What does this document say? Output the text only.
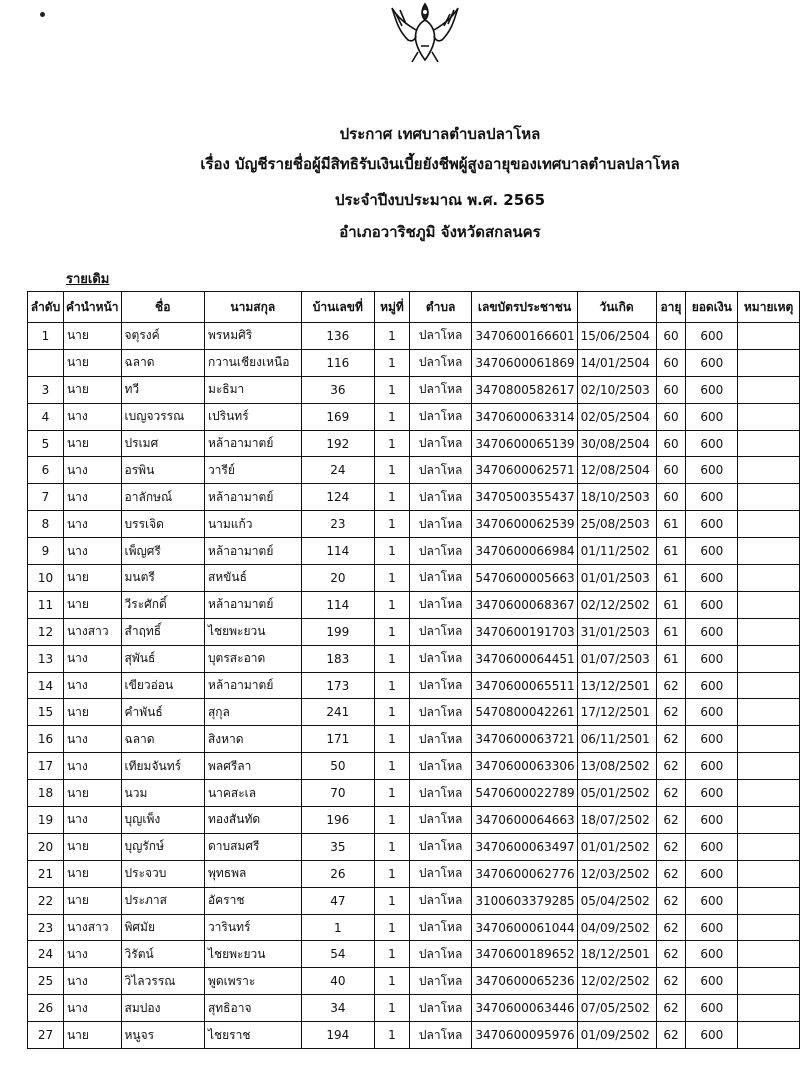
ประกาศ เทศบาลตำบลปลาโหล
เรื่อง บัญชีรายชื่อผู้มีสิทธิรับเงินเบี้ยยังชีพผู้สูงอายุของเทศบาลตำบลปลาโหล
ประจำปีงบประมาณ พ.ศ. 2565
อำเภอวาริชภูมิ จังหวัดสกลนคร
รายเดิม
ลำดับ	คำนำหน้า	ชื่อ	นามสกุล	บ้านเลขที่	หมู่ที่	ตำบล	เลขบัตรประชาชน	วันเกิด	อายุ	ยอดเงิน	หมายเหตุ
1	นาย	จตุรงค์	พรหมศิริ	136	1	ปลาโหล	3470600166601	15/06/2504	60	600	
	นาย	ฉลาด	กวานเชียงเหนือ	116	1	ปลาโหล	3470600061869	14/01/2504	60	600	
3	นาย	ทวี	มะธิมา	36	1	ปลาโหล	3470800582617	02/10/2503	60	600	
4	นาง	เบญจวรรณ	เปรินทร์	169	1	ปลาโหล	3470600063314	02/05/2504	60	600	
5	นาย	ปรเมศ	หล้าอามาตย์	192	1	ปลาโหล	3470600065139	30/08/2504	60	600	
6	นาง	อรพิน	วารีย์	24	1	ปลาโหล	3470600062571	12/08/2504	60	600	
7	นาง	อาลักษณ์	หล้าอามาตย์	124	1	ปลาโหล	3470500355437	18/10/2503	60	600	
8	นาง	บรรเจิด	นามแก้ว	23	1	ปลาโหล	3470600062539	25/08/2503	61	600	
9	นาง	เพ็ญศรี	หล้าอามาตย์	114	1	ปลาโหล	3470600066984	01/11/2502	61	600	
10	นาย	มนตรี	สหขันธ์	20	1	ปลาโหล	5470600005663	01/01/2503	61	600	
11	นาย	วีระศักดิ์	หล้าอามาตย์	114	1	ปลาโหล	3470600068367	02/12/2502	61	600	
12	นางสาว	สำฤทธิ์	ไชยพะยวน	199	1	ปลาโหล	3470600191703	31/01/2503	61	600	
13	นาง	สุพันธ์	บุตรสะอาด	183	1	ปลาโหล	3470600064451	01/07/2503	61	600	
14	นาง	เขียวอ่อน	หล้าอามาตย์	173	1	ปลาโหล	3470600065511	13/12/2501	62	600	
15	นาย	คำพันธ์	สุกุล	241	1	ปลาโหล	5470800042261	17/12/2501	62	600	
16	นาง	ฉลาด	สิงหาด	171	1	ปลาโหล	3470600063721	06/11/2501	62	600	
17	นาง	เทียมจันทร์	พลศรีลา	50	1	ปลาโหล	3470600063306	13/08/2502	62	600	
18	นาย	นวม	นาคสะเล	70	1	ปลาโหล	5470600022789	05/01/2502	62	600	
19	นาง	บุญเพ็ง	ทองสันทัด	196	1	ปลาโหล	3470600064663	18/07/2502	62	600	
20	นาย	บุญรักษ์	ดาบสมศรี	35	1	ปลาโหล	3470600063497	01/01/2502	62	600	
21	นาย	ประจวบ	พุทธพล	26	1	ปลาโหล	3470600062776	12/03/2502	62	600	
22	นาย	ประภาส	อัคราช	47	1	ปลาโหล	3100603379285	05/04/2502	62	600	
23	นางสาว	พิศมัย	วารินทร์	1	1	ปลาโหล	3470600061044	04/09/2502	62	600	
24	นาง	วิรัตน์	ไชยพะยวน	54	1	ปลาโหล	3470600189652	18/12/2501	62	600	
25	นาง	วิไลวรรณ	พูดเพราะ	40	1	ปลาโหล	3470600065236	12/02/2502	62	600	
26	นาง	สมปอง	สุทธิอาจ	34	1	ปลาโหล	3470600063446	07/05/2502	62	600	
27	นาย	หนูจร	ไชยราช	194	1	ปลาโหล	3470600095976	01/09/2502	62	600	
